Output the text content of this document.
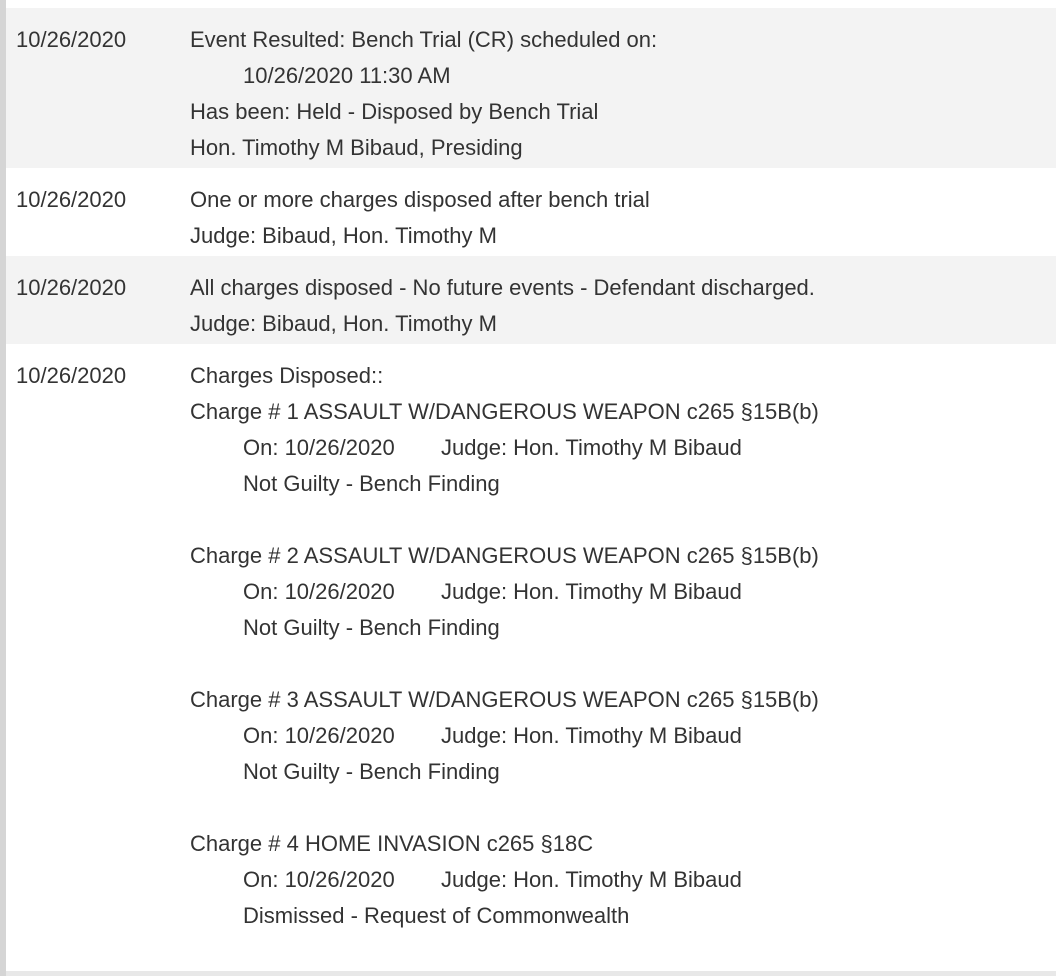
10/26/2020	Event Resulted: Bench Trial (CR) scheduled on:
10/26/2020 11:30 AM
Has been: Held - Disposed by Bench Trial
Hon. Timothy M Bibaud, Presiding
10/26/2020	One or more charges disposed after bench trial
Judge: Bibaud, Hon. Timothy M
10/26/2020	All charges disposed - No future events - Defendant discharged.
Judge: Bibaud, Hon. Timothy M
10/26/2020	Charges Disposed::
Charge # 1 ASSAULT W/DANGEROUS WEAPON c265 §15B(b)
On: 10/26/2020 Judge: Hon. Timothy M Bibaud
Not Guilty - Bench Finding
Charge # 2 ASSAULT W/DANGEROUS WEAPON c265 §15B(b)
On: 10/26/2020 Judge: Hon. Timothy M Bibaud
Not Guilty - Bench Finding
Charge # 3 ASSAULT W/DANGEROUS WEAPON c265 §15B(b)
On: 10/26/2020 Judge: Hon. Timothy M Bibaud
Not Guilty - Bench Finding
Charge # 4 HOME INVASION c265 §18C
On: 10/26/2020 Judge: Hon. Timothy M Bibaud
Dismissed - Request of Commonwealth
